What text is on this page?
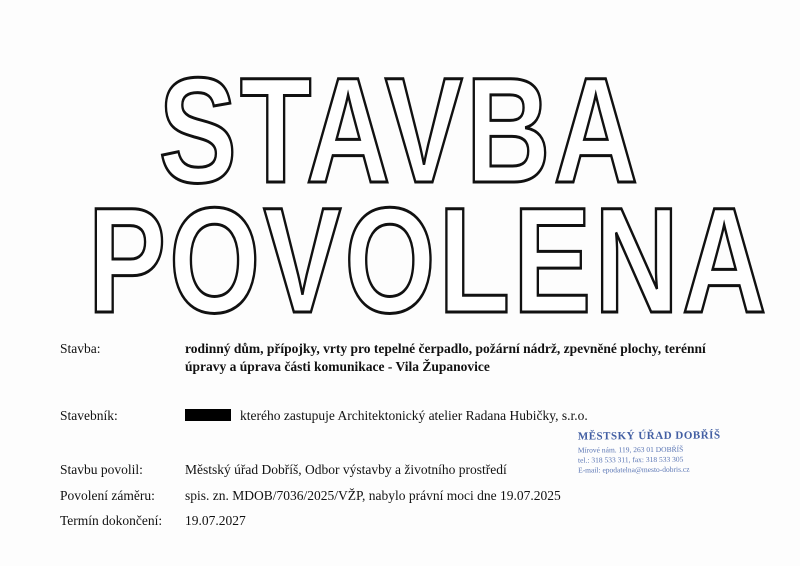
STAVBA
POVOLENA
Stavba:	rodinný dům, přípojky, vrty pro tepelné čerpadlo, požární nádrž, zpevněné plochy, terénní úpravy a úprava části komunikace - Vila Županovice
Stavebník:	kterého zastupuje Architektonický atelier Radana Hubičky, s.r.o.
Stavbu povolil:	Městský úřad Dobříš, Odbor výstavby a životního prostředí
Povolení záměru: spis. zn. MDOB/7036/2025/VŽP, nabylo právní moci dne 19.07.2025
Termín dokončení: 19.07.2027
MĚSTSKÝ ÚŘAD DOBŘÍŠ
Mírové nám. 119, 263 01 DOBŘÍŠ
tel.: 318 533 311, fax: 318 533 305
E-mail: epodatelna@mesto-dobris.cz
